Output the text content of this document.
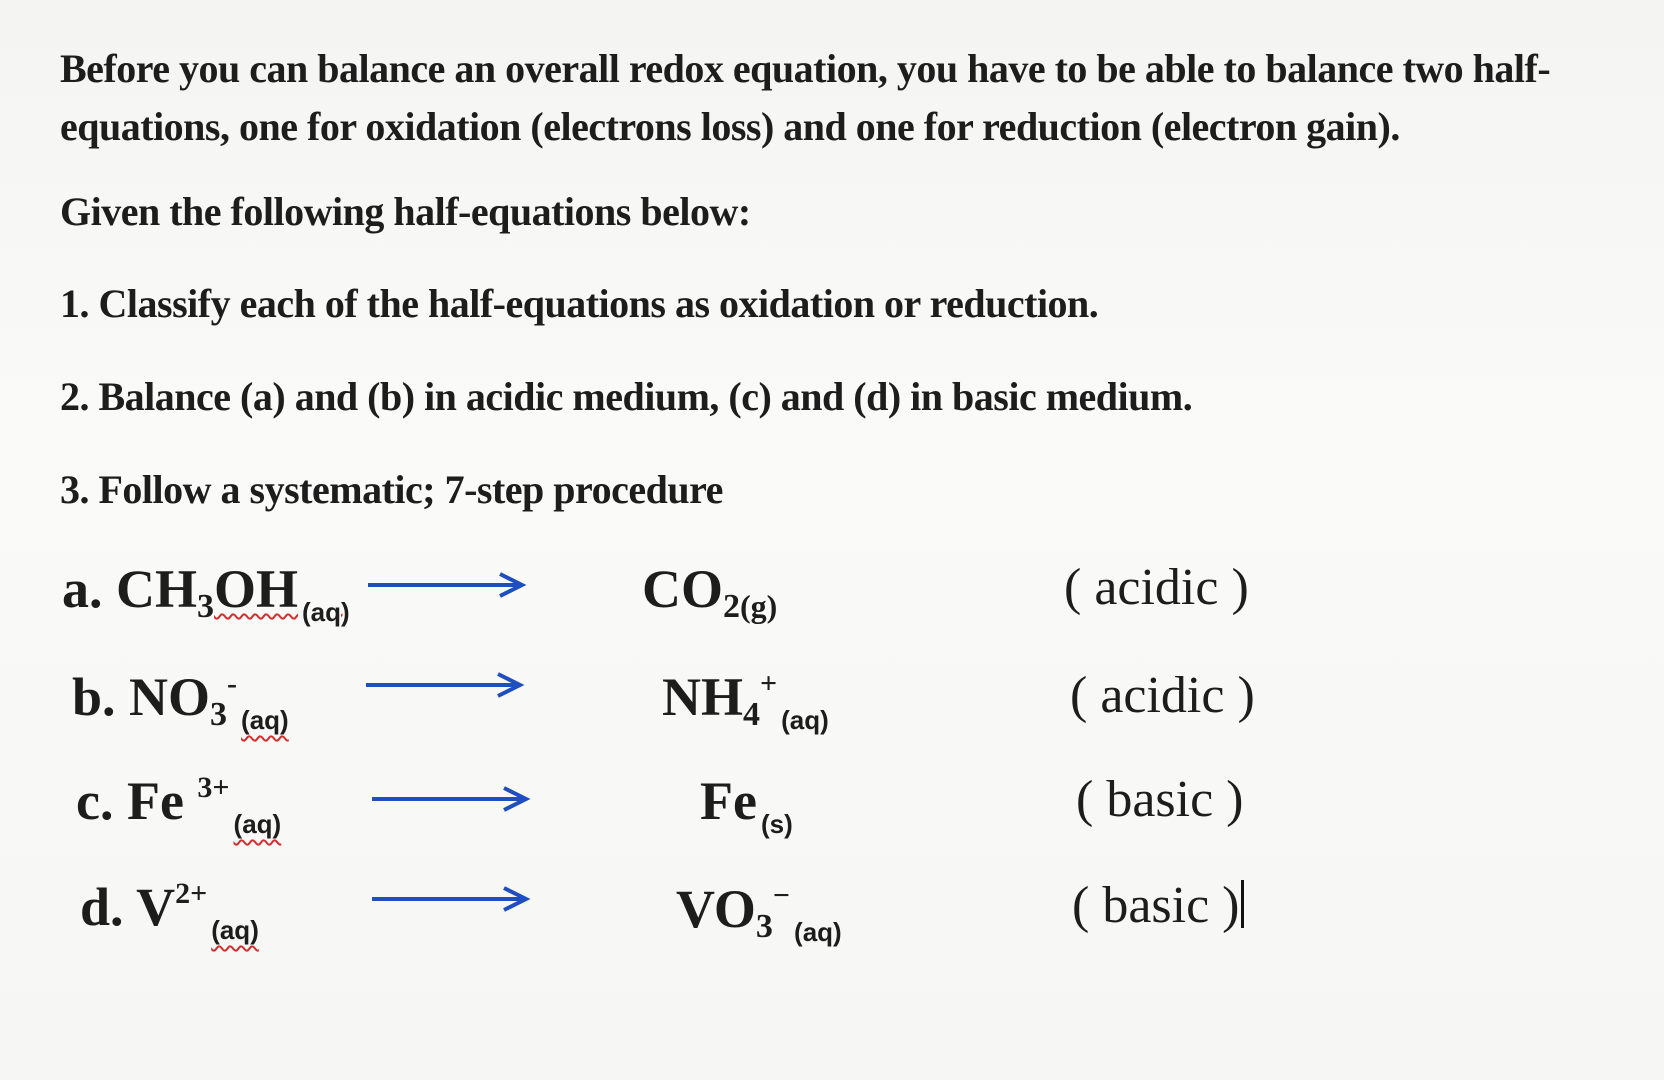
Before you can balance an overall redox equation, you have to be able to balance two half-
equations, one for oxidation (electrons loss) and one for reduction (electron gain).
Given the following half-equations below:
1. Classify each of the half-equations as oxidation or reduction.
2. Balance (a) and (b) in acidic medium, (c) and (d) in basic medium.
3. Follow a systematic; 7-step procedure
a. $CH_3OH$ $_{(aq)}$	$CO_2(g)$	( acidic )
b. $NO_3^-_{(aq)}$	$NH_4^+_{(aq)}$	( acidic )
c. Fe $^{3+}_{(aq)}$	Fe $_{(s)}$	( basic )
d. $V^{2+}_{(aq)}$	$VO_3^-_{(aq)}$	( basic )
